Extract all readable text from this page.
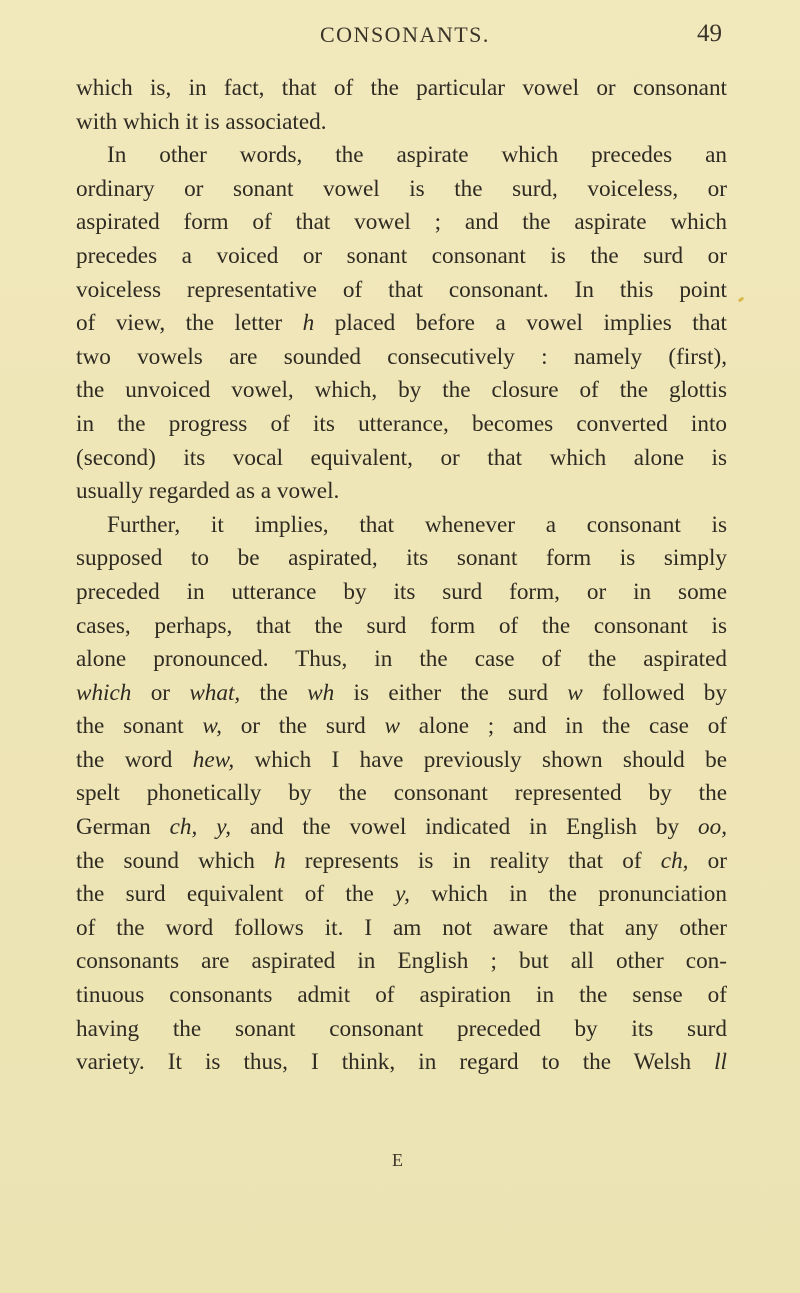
CONSONANTS.	49
which is, in fact, that of the particular vowel or consonant
with which it is associated.
In other words, the aspirate which precedes an
ordinary or sonant vowel is the surd, voiceless, or
aspirated form of that vowel ; and the aspirate which
precedes a voiced or sonant consonant is the surd or
voiceless representative of that consonant. In this point
of view, the letter h placed before a vowel implies that
two vowels are sounded consecutively : namely (first),
the unvoiced vowel, which, by the closure of the glottis
in the progress of its utterance, becomes converted into
(second) its vocal equivalent, or that which alone is
usually regarded as a vowel.
Further, it implies, that whenever a consonant is
supposed to be aspirated, its sonant form is simply
preceded in utterance by its surd form, or in some
cases, perhaps, that the surd form of the consonant is
alone pronounced. Thus, in the case of the aspirated
which or what, the wh is either the surd w followed by
the sonant w, or the surd w alone ; and in the case of
the word hew, which I have previously shown should be
spelt phonetically by the consonant represented by the
German ch, y, and the vowel indicated in English by oo,
the sound which h represents is in reality that of ch, or
the surd equivalent of the y, which in the pronunciation
of the word follows it. I am not aware that any other
consonants are aspirated in English ; but all other con-
tinuous consonants admit of aspiration in the sense of
having the sonant consonant preceded by its surd
variety. It is thus, I think, in regard to the Welsh ll
E
